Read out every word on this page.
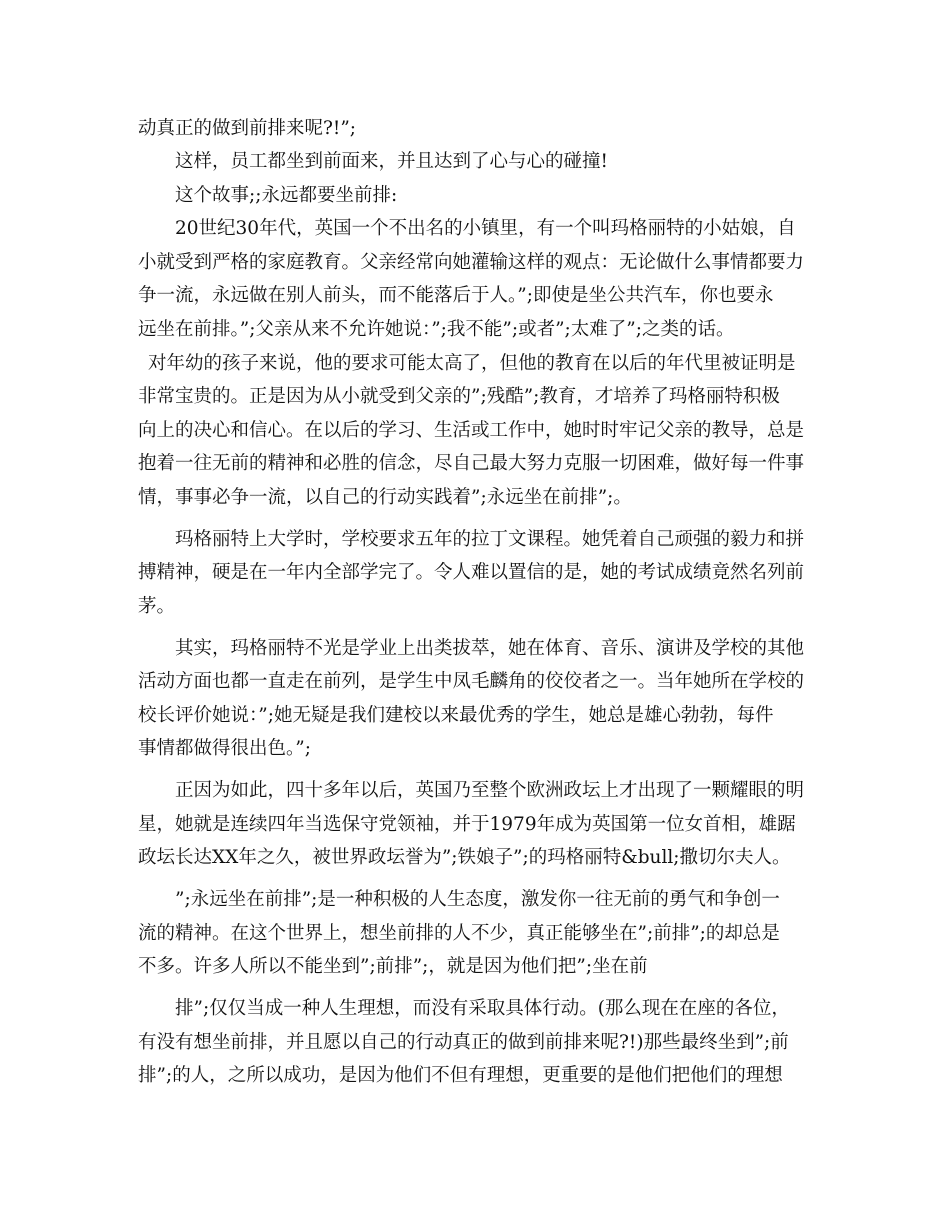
动真正的做到前排来呢?!”;
这样，员工都坐到前面来，并且达到了心与心的碰撞!
这个故事;;永远都要坐前排:
20世纪30年代，英国一个不出名的小镇里，有一个叫玛格丽特的小姑娘，自
小就受到严格的家庭教育。父亲经常向她灌输这样的观点：无论做什么事情都要力
争一流，永远做在别人前头，而不能落后于人。”;即使是坐公共汽车，你也要永
远坐在前排。”;父亲从来不允许她说：”;我不能”;或者”;太难了”;之类的话。
对年幼的孩子来说，他的要求可能太高了，但他的教育在以后的年代里被证明是
非常宝贵的。正是因为从小就受到父亲的”;残酷”;教育，才培养了玛格丽特积极
向上的决心和信心。在以后的学习、生活或工作中，她时时牢记父亲的教导，总是
抱着一往无前的精神和必胜的信念，尽自己最大努力克服一切困难，做好每一件事
情，事事必争一流，以自己的行动实践着”;永远坐在前排”;。
玛格丽特上大学时，学校要求五年的拉丁文课程。她凭着自己顽强的毅力和拼
搏精神，硬是在一年内全部学完了。令人难以置信的是，她的考试成绩竟然名列前
茅。
其实，玛格丽特不光是学业上出类拔萃，她在体育、音乐、演讲及学校的其他
活动方面也都一直走在前列，是学生中凤毛麟角的佼佼者之一。当年她所在学校的
校长评价她说：”;她无疑是我们建校以来最优秀的学生，她总是雄心勃勃，每件
事情都做得很出色。”;
正因为如此，四十多年以后，英国乃至整个欧洲政坛上才出现了一颗耀眼的明
星，她就是连续四年当选保守党领袖，并于1979年成为英国第一位女首相，雄踞
政坛长达XX年之久，被世界政坛誉为”;铁娘子”;的玛格丽特&bull;撒切尔夫人。
”;永远坐在前排”;是一种积极的人生态度，激发你一往无前的勇气和争创一
流的精神。在这个世界上，想坐前排的人不少，真正能够坐在”;前排”;的却总是
不多。许多人所以不能坐到”;前排”;，就是因为他们把”;坐在前
排”;仅仅当成一种人生理想，而没有采取具体行动。(那么现在在座的各位，
有没有想坐前排，并且愿以自己的行动真正的做到前排来呢?!)那些最终坐到”;前
排”;的人，之所以成功，是因为他们不但有理想，更重要的是他们把他们的理想
